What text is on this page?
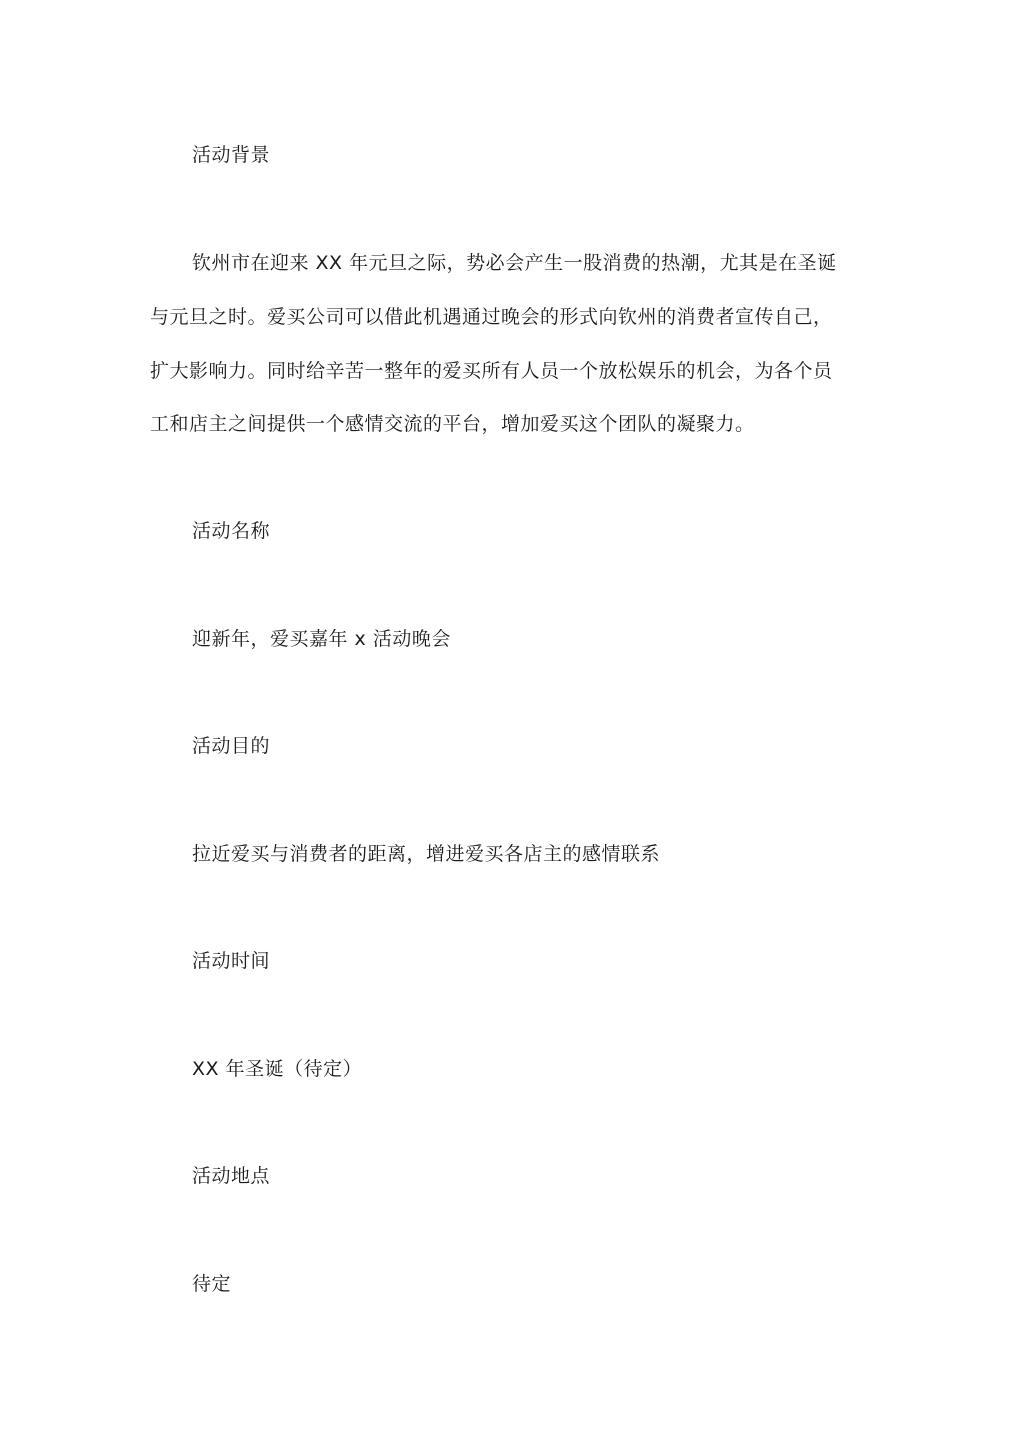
活动背景
钦州市在迎来 XX 年元旦之际，势必会产生一股消费的热潮，尤其是在圣诞
与元旦之时。爱买公司可以借此机遇通过晚会的形式向钦州的消费者宣传自己，
扩大影响力。同时给辛苦一整年的爱买所有人员一个放松娱乐的机会，为各个员
工和店主之间提供一个感情交流的平台，增加爱买这个团队的凝聚力。
活动名称
迎新年，爱买嘉年 x 活动晚会
活动目的
拉近爱买与消费者的距离，增进爱买各店主的感情联系
活动时间
XX 年圣诞（待定）
活动地点
待定
